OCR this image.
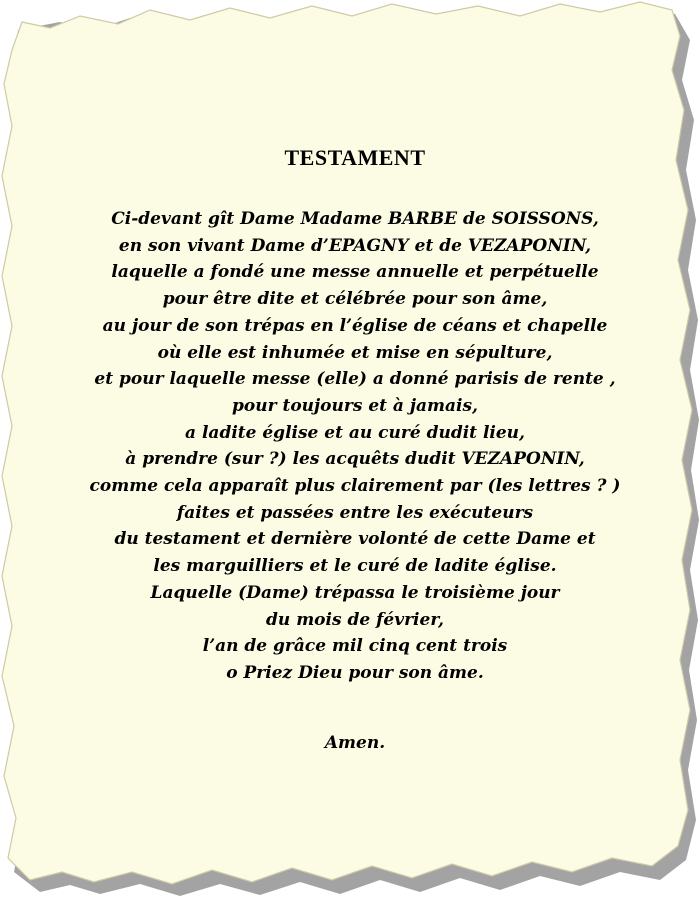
TESTAMENT
Ci-devant gît Dame Madame BARBE de SOISSONS,
en son vivant Dame d’EPAGNY et de VEZAPONIN,
laquelle a fondé une messe annuelle et perpétuelle
pour être dite et célébrée pour son âme,
au jour de son trépas en l’église de céans et chapelle
où elle est inhumée et mise en sépulture,
et pour laquelle messe (elle) a donné parisis de rente ,
pour toujours et à jamais,
a ladite église et au curé dudit lieu,
à prendre (sur ?) les acquêts dudit VEZAPONIN,
comme cela apparaît plus clairement par (les lettres ? )
faites et passées entre les exécuteurs
du testament et dernière volonté de cette Dame et
les marguilliers et le curé de ladite église.
Laquelle (Dame) trépassa le troisième jour
du mois de février,
l’an de grâce mil cinq cent trois
o Priez Dieu pour son âme.
Amen.
